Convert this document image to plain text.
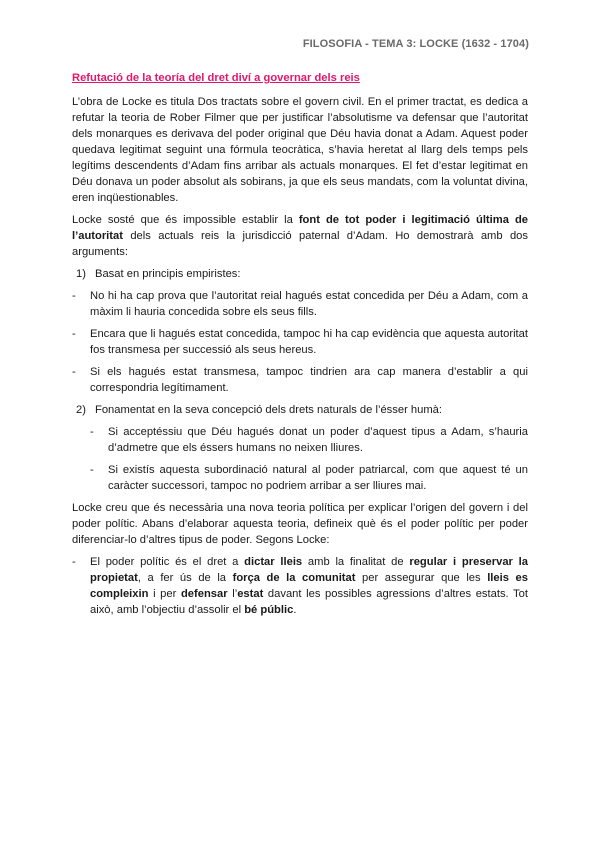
FILOSOFIA - TEMA 3: LOCKE (1632 - 1704)
Refutació de la teoría del dret diví a governar dels reis

L’obra de Locke es titula Dos tractats sobre el govern civil. En el primer tractat, es dedica a refutar la teoria de Rober Filmer que per justificar l’absolutisme va defensar que l’autoritat dels monarques es derivava del poder original que Déu havia donat a Adam. Aquest poder quedava legitimat seguint una fórmula teocràtica, s’havia heretat al llarg dels temps pels legítims descendents d’Adam fins arribar als actuals monarques. El fet d’estar legitimat en Déu donava un poder absolut als sobirans, ja que els seus mandats, com la voluntat divina, eren inqüestionables.

Locke sosté que és impossible establir la font de tot poder i legitimació última de l’autoritat dels actuals reis la jurisdicció paternal d’Adam. Ho demostrarà amb dos arguments:

1) Basat en principis empiristes:
-	No hi ha cap prova que l’autoritat reial hagués estat concedida per Déu a Adam, com a màxim li hauria concedida sobre els seus fills.
-	Encara que li hagués estat concedida, tampoc hi ha cap evidència que aquesta autoritat fos transmesa per successió als seus hereus.
-	Si els hagués estat transmesa, tampoc tindrien ara cap manera d’establir a qui correspondria legítimament.
2) Fonamentat en la seva concepció dels drets naturals de l’ésser humà:
-	Si acceptéssiu que Déu hagués donat un poder d’aquest tipus a Adam, s’hauria d’admetre que els éssers humans no neixen lliures.
-	Si existís aquesta subordinació natural al poder patriarcal, com que aquest té un caràcter successori, tampoc no podriem arribar a ser lliures mai.

Locke creu que és necessària una nova teoria política per explicar l’origen del govern i del poder polític. Abans d’elaborar aquesta teoria, defineix què és el poder polític per poder diferenciar-lo d’altres tipus de poder. Segons Locke:

-	El poder polític és el dret a dictar lleis amb la finalitat de regular i preservar la propietat, a fer ús de la força de la comunitat per assegurar que les lleis es compleixin i per defensar l’estat davant les possibles agressions d’altres estats. Tot això, amb l’objectiu d’assolir el bé públic.
